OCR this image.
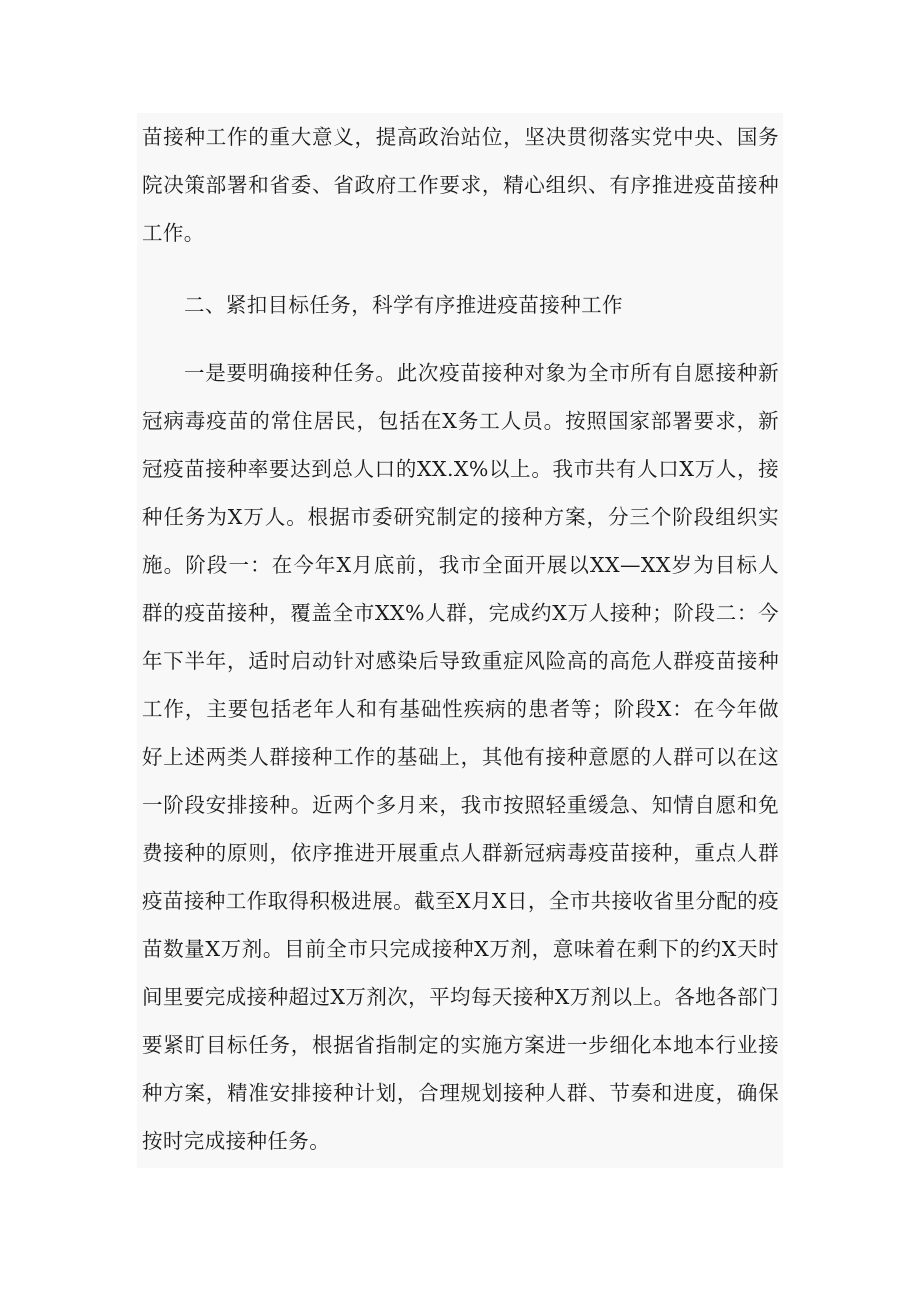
苗接种工作的重大意义，提高政治站位，坚决贯彻落实党中央、国务院决策部署和省委、省政府工作要求，精心组织、有序推进疫苗接种工作。

二、紧扣目标任务，科学有序推进疫苗接种工作

一是要明确接种任务。此次疫苗接种对象为全市所有自愿接种新冠病毒疫苗的常住居民，包括在X务工人员。按照国家部署要求，新冠疫苗接种率要达到总人口的XX.X%以上。我市共有人口X万人，接种任务为X万人。根据市委研究制定的接种方案，分三个阶段组织实施。阶段一：在今年X月底前，我市全面开展以XX—XX岁为目标人群的疫苗接种，覆盖全市XX%人群，完成约X万人接种；阶段二：今年下半年，适时启动针对感染后导致重症风险高的高危人群疫苗接种工作，主要包括老年人和有基础性疾病的患者等；阶段X：在今年做好上述两类人群接种工作的基础上，其他有接种意愿的人群可以在这一阶段安排接种。近两个多月来，我市按照轻重缓急、知情自愿和免费接种的原则，依序推进开展重点人群新冠病毒疫苗接种，重点人群疫苗接种工作取得积极进展。截至X月X日，全市共接收省里分配的疫苗数量X万剂。目前全市只完成接种X万剂，意味着在剩下的约X天时间里要完成接种超过X万剂次，平均每天接种X万剂以上。各地各部门要紧盯目标任务，根据省指制定的实施方案进一步细化本地本行业接种方案，精准安排接种计划，合理规划接种人群、节奏和进度，确保按时完成接种任务。
